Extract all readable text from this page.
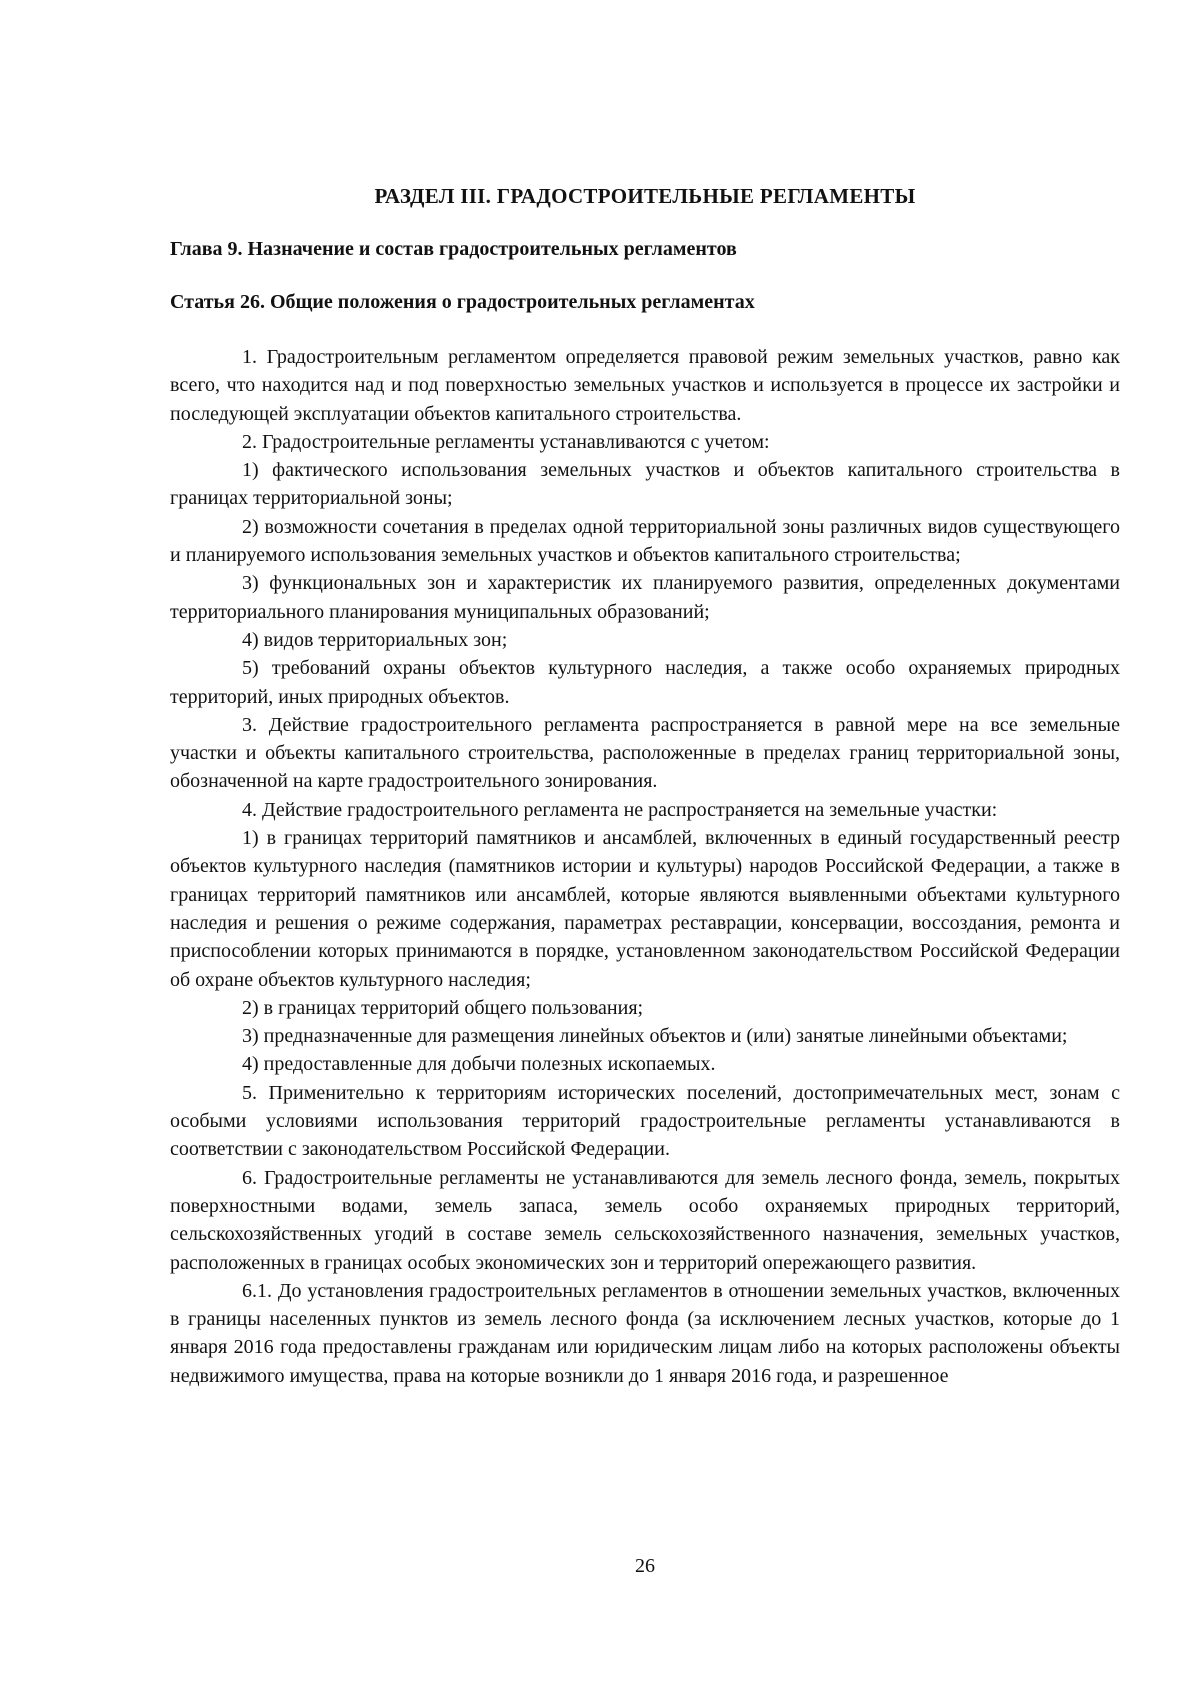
РАЗДЕЛ III. ГРАДОСТРОИТЕЛЬНЫЕ РЕГЛАМЕНТЫ
Глава 9. Назначение и состав градостроительных регламентов
Статья 26. Общие положения о градостроительных регламентах

1. Градостроительным регламентом определяется правовой режим земельных участков, равно как всего, что находится над и под поверхностью земельных участков и используется в процессе их застройки и последующей эксплуатации объектов капитального строительства.

2. Градостроительные регламенты устанавливаются с учетом:

1) фактического использования земельных участков и объектов капитального строительства в границах территориальной зоны;

2) возможности сочетания в пределах одной территориальной зоны различных видов существующего и планируемого использования земельных участков и объектов капитального строительства;

3) функциональных зон и характеристик их планируемого развития, определенных документами территориального планирования муниципальных образований;

4) видов территориальных зон;

5) требований охраны объектов культурного наследия, а также особо охраняемых природных территорий, иных природных объектов.

3. Действие градостроительного регламента распространяется в равной мере на все земельные участки и объекты капитального строительства, расположенные в пределах границ территориальной зоны, обозначенной на карте градостроительного зонирования.

4. Действие градостроительного регламента не распространяется на земельные участки:

1) в границах территорий памятников и ансамблей, включенных в единый государственный реестр объектов культурного наследия (памятников истории и культуры) народов Российской Федерации, а также в границах территорий памятников или ансамблей, которые являются выявленными объектами культурного наследия и решения о режиме содержания, параметрах реставрации, консервации, воссоздания, ремонта и приспособлении которых принимаются в порядке, установленном законодательством Российской Федерации об охране объектов культурного наследия;

2) в границах территорий общего пользования;

3) предназначенные для размещения линейных объектов и (или) занятые линейными объектами;

4) предоставленные для добычи полезных ископаемых.

5. Применительно к территориям исторических поселений, достопримечательных мест, зонам с особыми условиями использования территорий градостроительные регламенты устанавливаются в соответствии с законодательством Российской Федерации.

6. Градостроительные регламенты не устанавливаются для земель лесного фонда, земель, покрытых поверхностными водами, земель запаса, земель особо охраняемых природных территорий, сельскохозяйственных угодий в составе земель сельскохозяйственного назначения, земельных участков, расположенных в границах особых экономических зон и территорий опережающего развития.

6.1. До установления градостроительных регламентов в отношении земельных участков, включенных в границы населенных пунктов из земель лесного фонда (за исключением лесных участков, которые до 1 января 2016 года предоставлены гражданам или юридическим лицам либо на которых расположены объекты недвижимого имущества, права на которые возникли до 1 января 2016 года, и разрешенное

26
